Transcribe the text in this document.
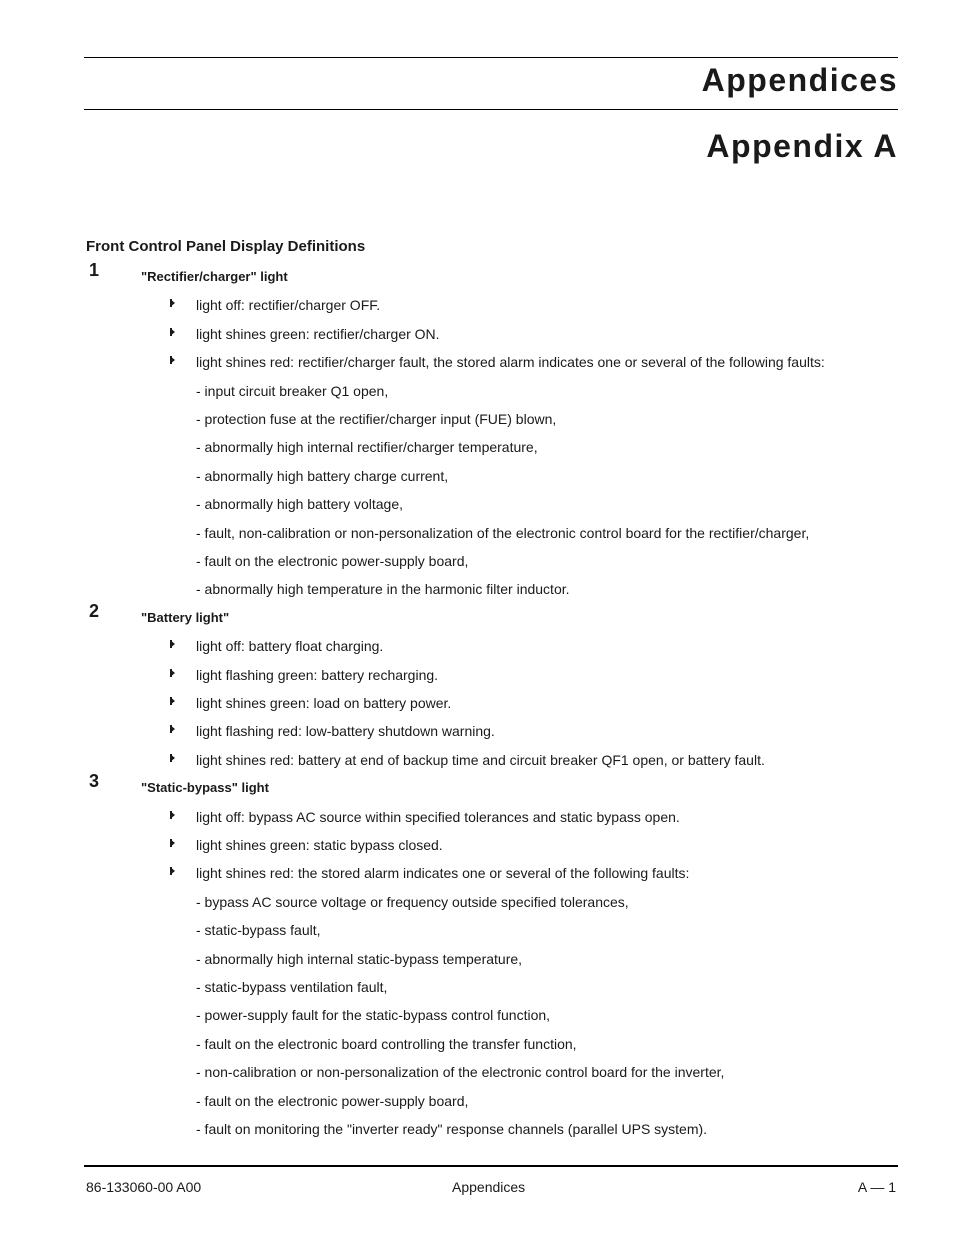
Appendices
Appendix A
Front Control Panel Display Definitions
1	"Rectifier/charger" light
light off: rectifier/charger OFF.
light shines green: rectifier/charger ON.
light shines red: rectifier/charger fault, the stored alarm indicates one or several of the following faults:
- input circuit breaker Q1 open,
- protection fuse at the rectifier/charger input (FUE) blown,
- abnormally high internal rectifier/charger temperature,
- abnormally high battery charge current,
- abnormally high battery voltage,
- fault, non-calibration or non-personalization of the electronic control board for the rectifier/charger,
- fault on the electronic power-supply board,
- abnormally high temperature in the harmonic filter inductor.
2	"Battery light"
light off: battery float charging.
light flashing green: battery recharging.
light shines green: load on battery power.
light flashing red: low-battery shutdown warning.
light shines red: battery at end of backup time and circuit breaker QF1 open, or battery fault.
3	"Static-bypass" light
light off: bypass AC source within specified tolerances and static bypass open.
light shines green: static bypass closed.
light shines red: the stored alarm indicates one or several of the following faults:
- bypass AC source voltage or frequency outside specified tolerances,
- static-bypass fault,
- abnormally high internal static-bypass temperature,
- static-bypass ventilation fault,
- power-supply fault for the static-bypass control function,
- fault on the electronic board controlling the transfer function,
- non-calibration or non-personalization of the electronic control board for the inverter,
- fault on the electronic power-supply board,
- fault on monitoring the "inverter ready" response channels (parallel UPS system).
86-133060-00 A00	Appendices	A — 1
